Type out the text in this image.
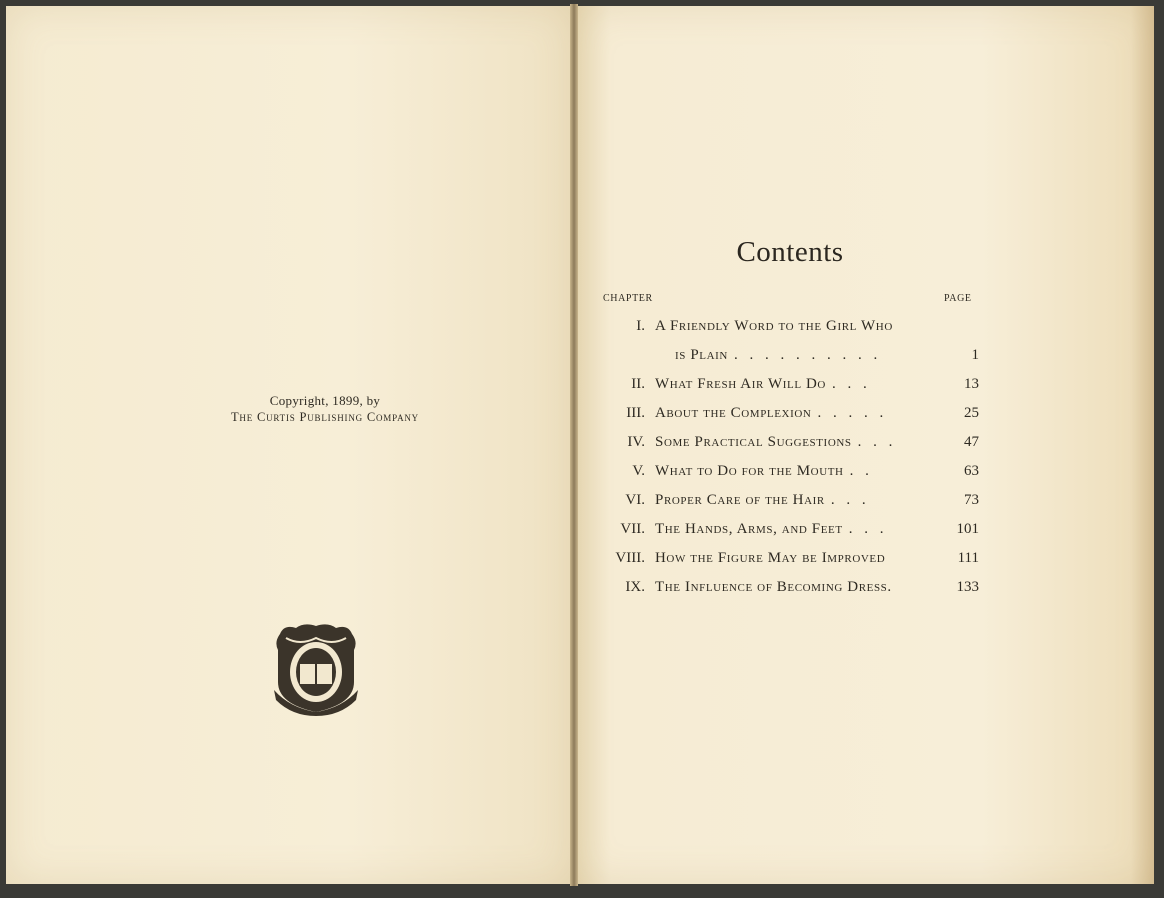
Copyright, 1899, by
The Curtis Publishing Company
Contents
CHAPTER	PAGE
I. A Friendly Word to the Girl Who
is Plain . . . . . . . . . .	1
II. What Fresh Air Will Do . . .	13
III. About the Complexion . . . . .	25
IV. Some Practical Suggestions . . .	47
V. What to Do for the Mouth . .	63
VI. Proper Care of the Hair . . .	73
VII. The Hands, Arms, and Feet . . .	101
VIII. How the Figure May be Improved	111
IX. The Influence of Becoming Dress.	133
